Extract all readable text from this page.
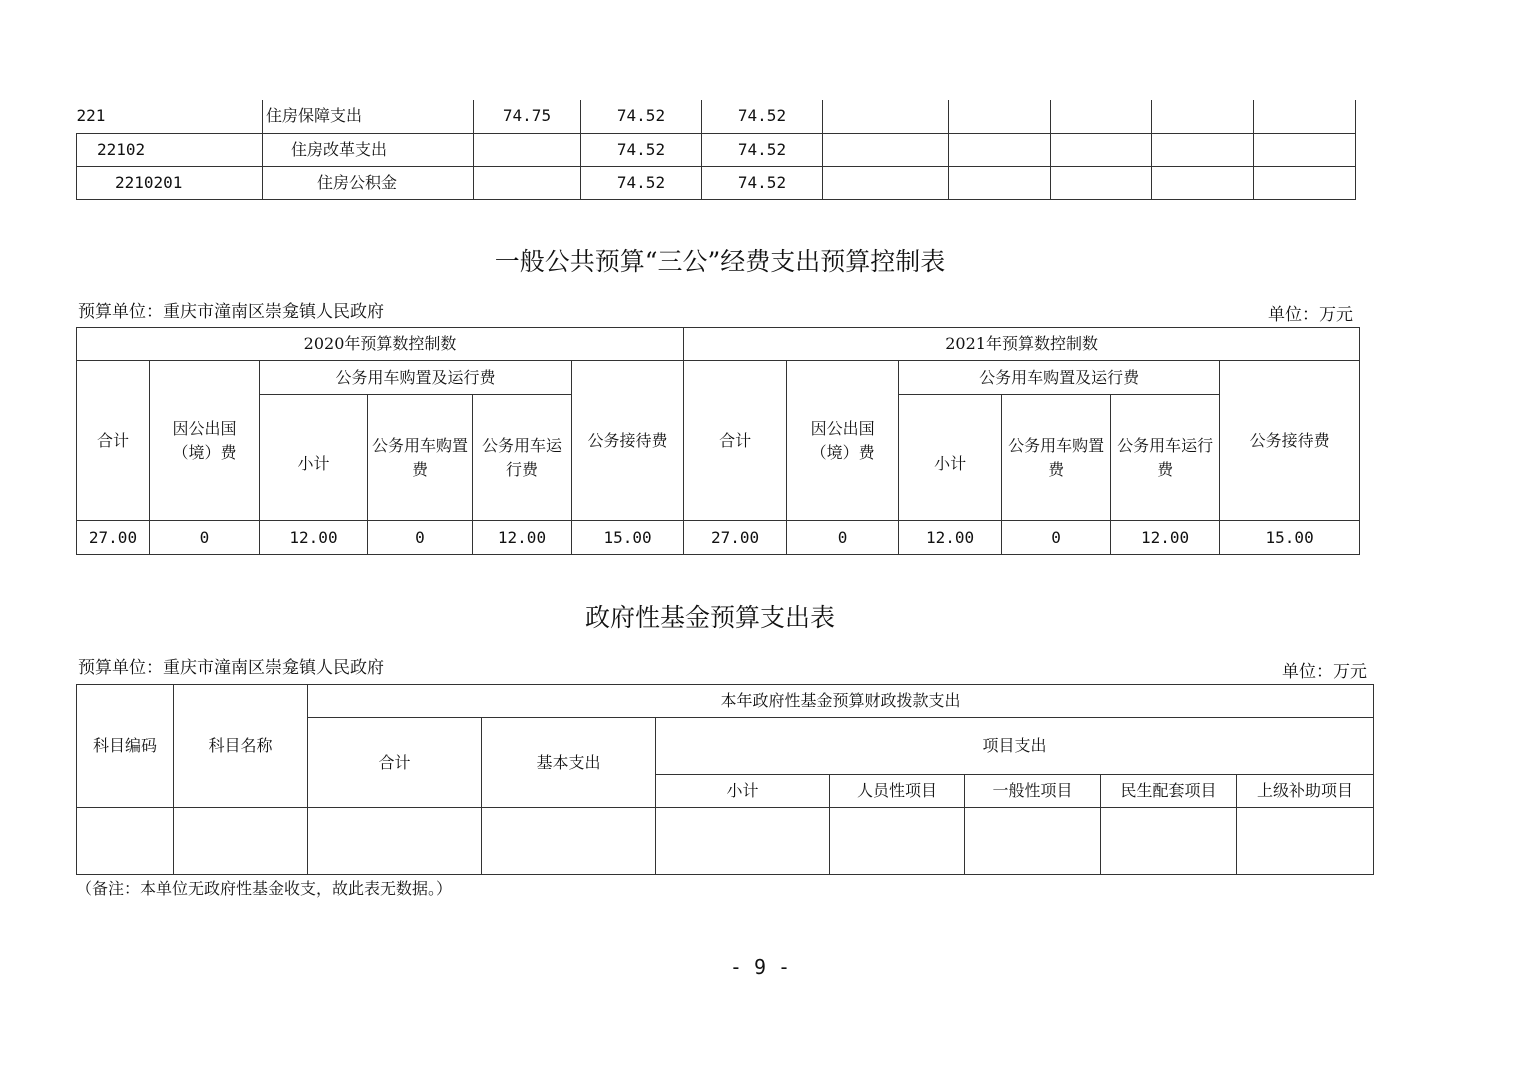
221	住房保障支出	74.75	74.52	74.52					
22102	住房改革支出		74.52	74.52					
2210201	住房公积金		74.52	74.52					
一般公共预算“三公”经费支出预算控制表
预算单位：重庆市潼南区崇龛镇人民政府	单位：万元
2020年预算数控制数						2021年预算数控制数					
合计	因公出国（境）费	公务用车购置及运行费			公务接待费	合计	因公出国（境）费	公务用车购置及运行费			公务接待费
		小计	公务用车购置费	公务用车运行费				小计	公务用车购置费	公务用车运行费	
27.00	0	12.00	0	12.00	15.00	27.00	0	12.00	0	12.00	15.00
政府性基金预算支出表
预算单位：重庆市潼南区崇龛镇人民政府	单位：万元
科目编码	科目名称	本年政府性基金预算财政拨款支出						
		合计	基本支出	项目支出				
				小计	人员性项目	一般性项目	民生配套项目	上级补助项目

（备注：本单位无政府性基金收支，故此表无数据。）
- 9 -
